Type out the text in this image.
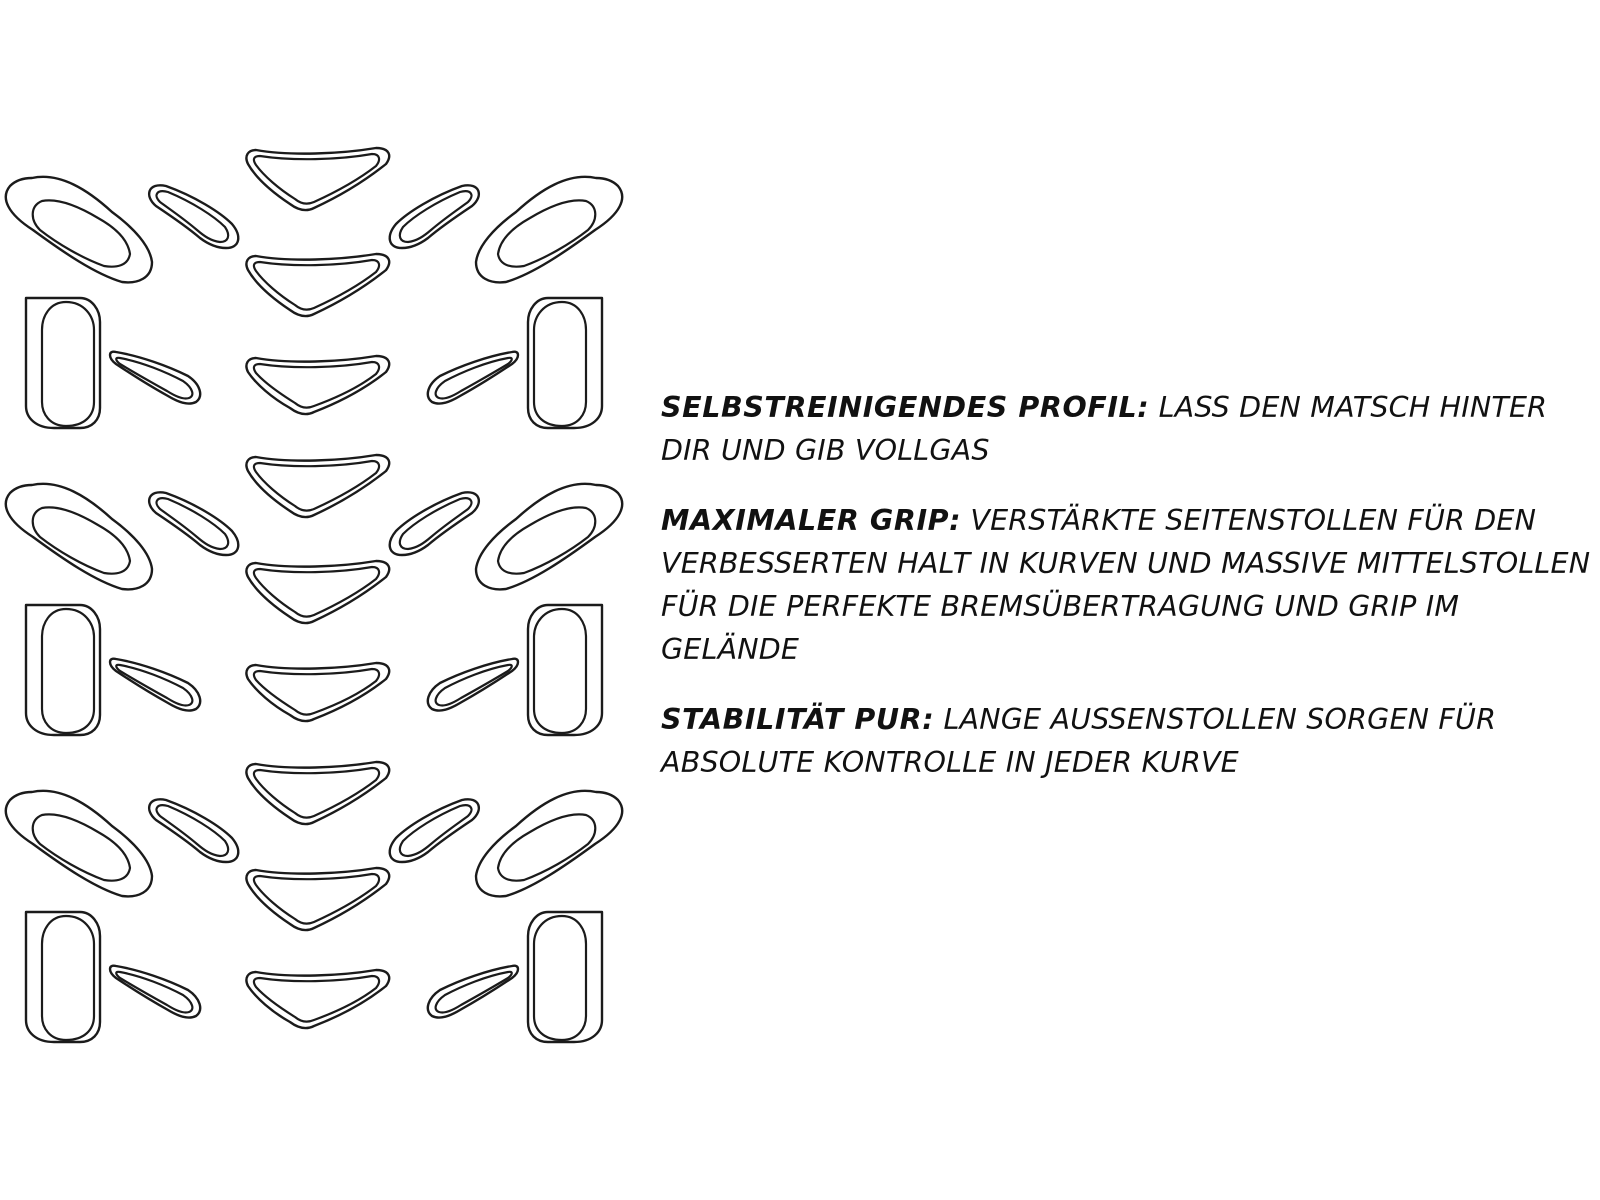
SELBSTREINIGENDES PROFIL: LASS DEN MATSCH HINTER DIR UND GIB VOLLGAS

MAXIMALER GRIP: VERSTÄRKTE SEITENSTOLLEN FÜR DEN VERBESSERTEN HALT IN KURVEN UND MASSIVE MITTELSTOLLEN FÜR DIE PERFEKTE BREMSÜBERTRAGUNG UND GRIP IM GELÄNDE

STABILITÄT PUR: LANGE AUSSENSTOLLEN SORGEN FÜR ABSOLUTE KONTROLLE IN JEDER KURVE
